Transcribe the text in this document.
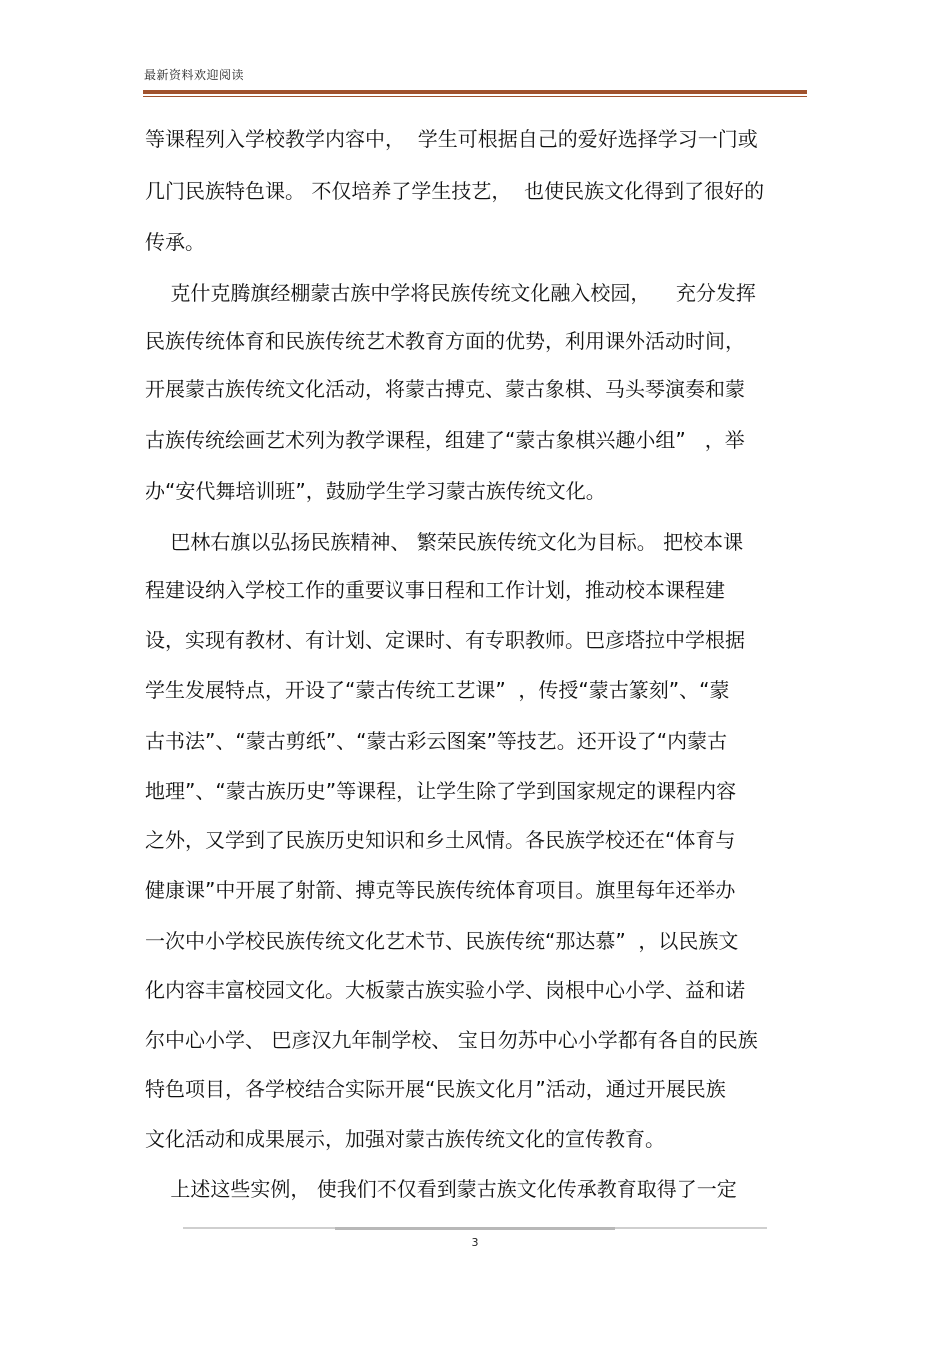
最新资料欢迎阅读
等课程列入学校教学内容中，  学生可根据自己的爱好选择学习一门或
几门民族特色课。 不仅培养了学生技艺，  也使民族文化得到了很好的
传承。
克什克腾旗经棚蒙古族中学将民族传统文化融入校园，    充分发挥
民族传统体育和民族传统艺术教育方面的优势，利用课外活动时间，
开展蒙古族传统文化活动，将蒙古搏克、蒙古象棋、马头琴演奏和蒙
古族传统绘画艺术列为教学课程，组建了“蒙古象棋兴趣小组”   ，举
办“安代舞培训班”，鼓励学生学习蒙古族传统文化。
巴林右旗以弘扬民族精神、 繁荣民族传统文化为目标。 把校本课
程建设纳入学校工作的重要议事日程和工作计划，推动校本课程建
设，实现有教材、有计划、定课时、有专职教师。巴彦塔拉中学根据
学生发展特点，开设了“蒙古传统工艺课”  ，传授“蒙古篆刻”、“蒙
古书法”、“蒙古剪纸”、“蒙古彩云图案”等技艺。还开设了“内蒙古
地理”、“蒙古族历史”等课程，让学生除了学到国家规定的课程内容
之外，又学到了民族历史知识和乡土风情。各民族学校还在“体育与
健康课”中开展了射箭、搏克等民族传统体育项目。旗里每年还举办
一次中小学校民族传统文化艺术节、民族传统“那达慕”  ，以民族文
化内容丰富校园文化。大板蒙古族实验小学、岗根中心小学、益和诺
尔中心小学、 巴彦汉九年制学校、 宝日勿苏中心小学都有各自的民族
特色项目，各学校结合实际开展“民族文化月”活动，通过开展民族
文化活动和成果展示，加强对蒙古族传统文化的宣传教育。
上述这些实例， 使我们不仅看到蒙古族文化传承教育取得了一定
3
